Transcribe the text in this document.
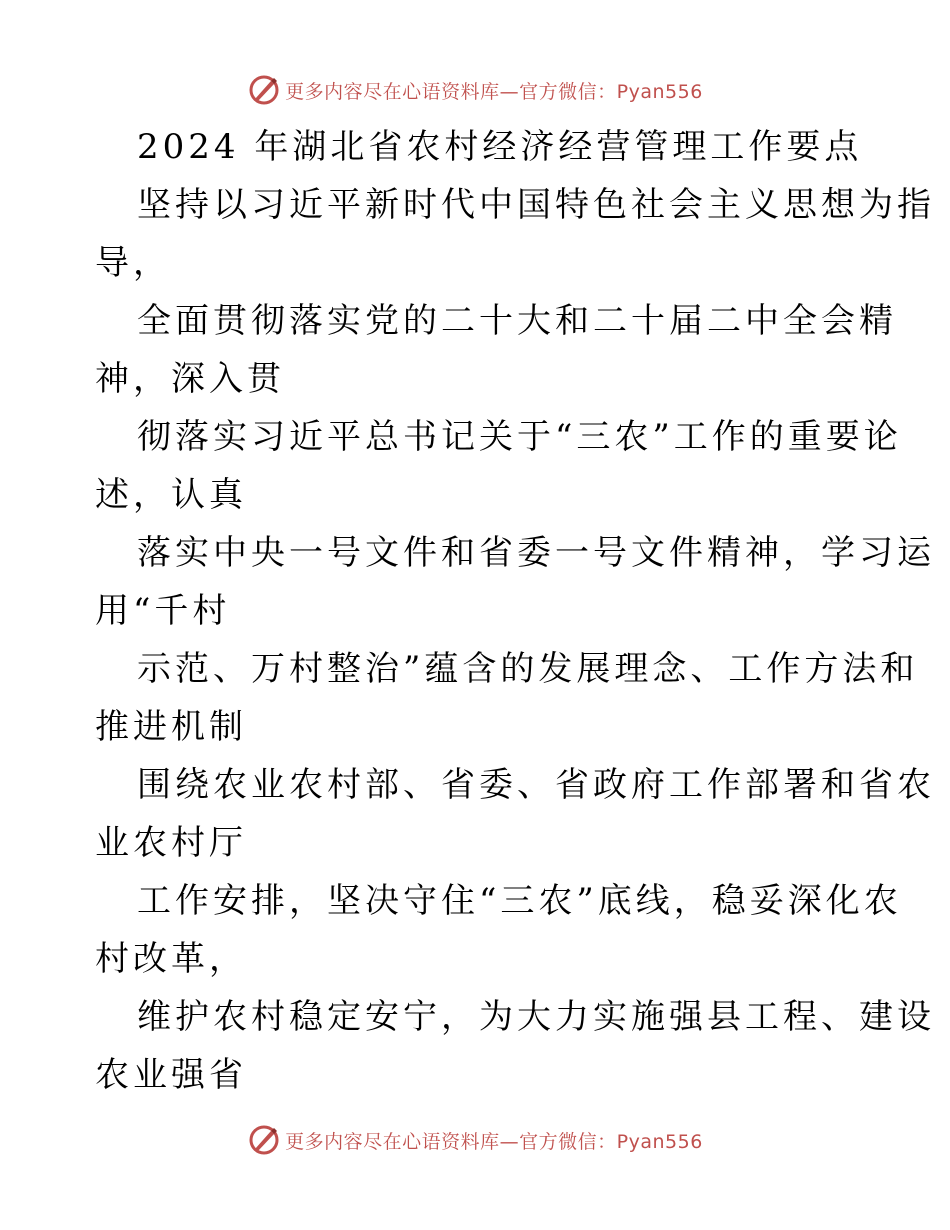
更多内容尽在心语资料库—官方微信：Pyan556
2024 年湖北省农村经济经营管理工作要点
坚持以习近平新时代中国特色社会主义思想为指
导，
全面贯彻落实党的二十大和二十届二中全会精
神，深入贯
彻落实习近平总书记关于“三农”工作的重要论
述，认真
落实中央一号文件和省委一号文件精神，学习运
用“千村
示范、万村整治”蕴含的发展理念、工作方法和
推进机制
围绕农业农村部、省委、省政府工作部署和省农
业农村厅
工作安排，坚决守住“三农”底线，稳妥深化农
村改革，
维护农村稳定安宁，为大力实施强县工程、建设
农业强省
更多内容尽在心语资料库—官方微信：Pyan556
